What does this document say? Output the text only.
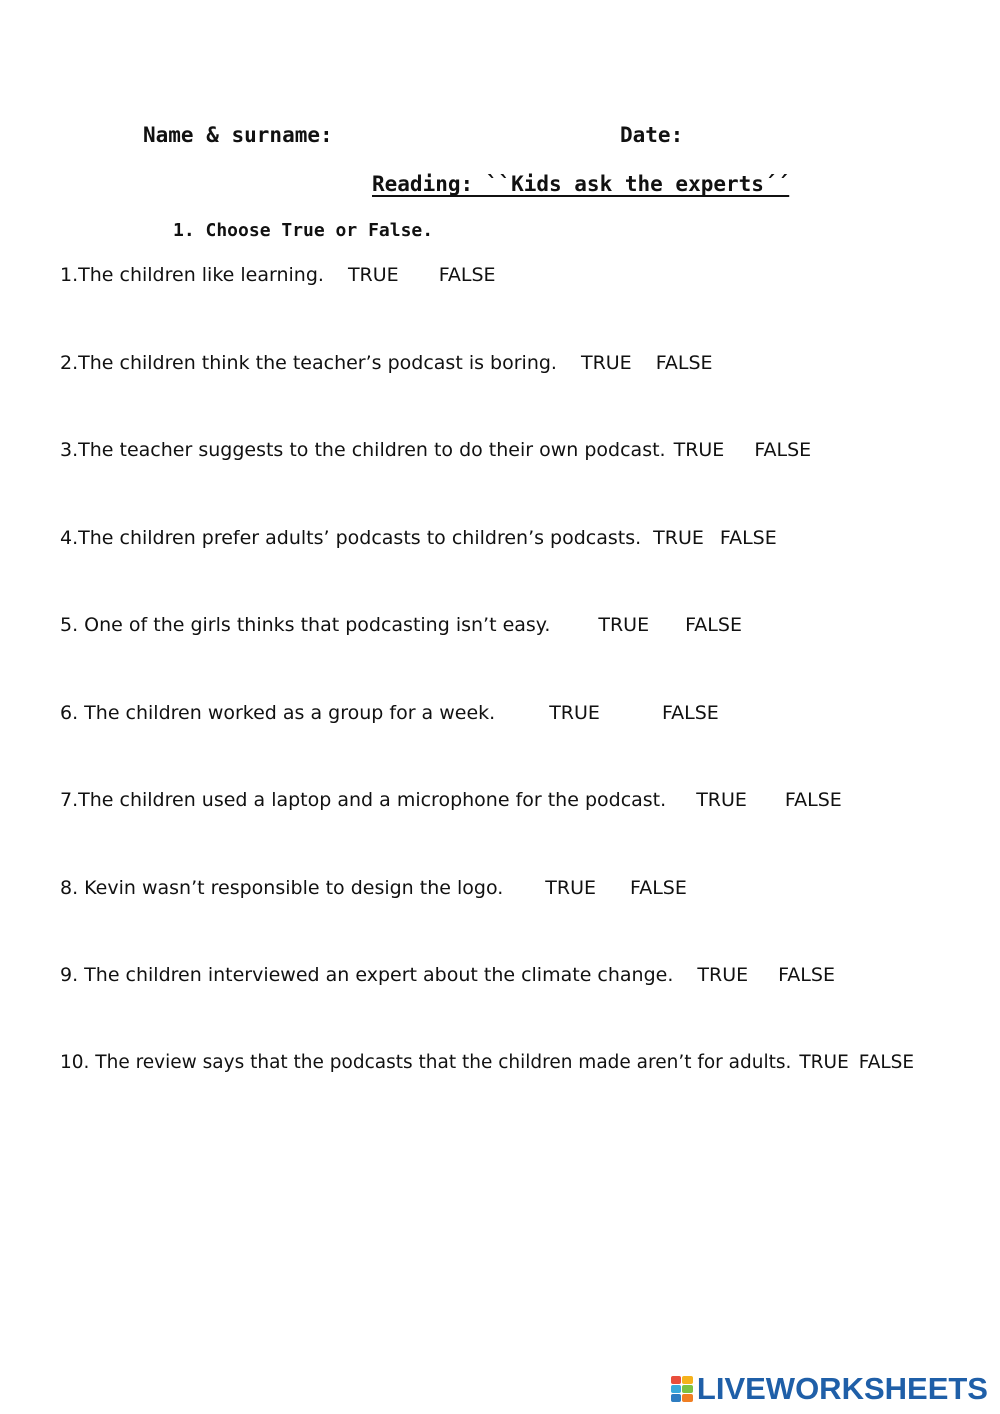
Name & surname:	Date:
Reading: ``Kids ask the experts´´
1. Choose True or False.
1.The children like learning. TRUE FALSE
2.The children think the teacher’s podcast is boring. TRUE FALSE
3.The teacher suggests to the children to do their own podcast. TRUE FALSE
4.The children prefer adults’ podcasts to children’s podcasts. TRUE FALSE
5. One of the girls thinks that podcasting isn’t easy.	TRUE FALSE
6. The children worked as a group for a week.	TRUE	FALSE
7.The children used a laptop and a microphone for the podcast. TRUE FALSE
8. Kevin wasn’t responsible to design the logo. TRUE FALSE
9. The children interviewed an expert about the climate change. TRUE FALSE
10. The review says that the podcasts that the children made aren’t for adults. TRUE FALSE
LIVEWORKSHEETS
